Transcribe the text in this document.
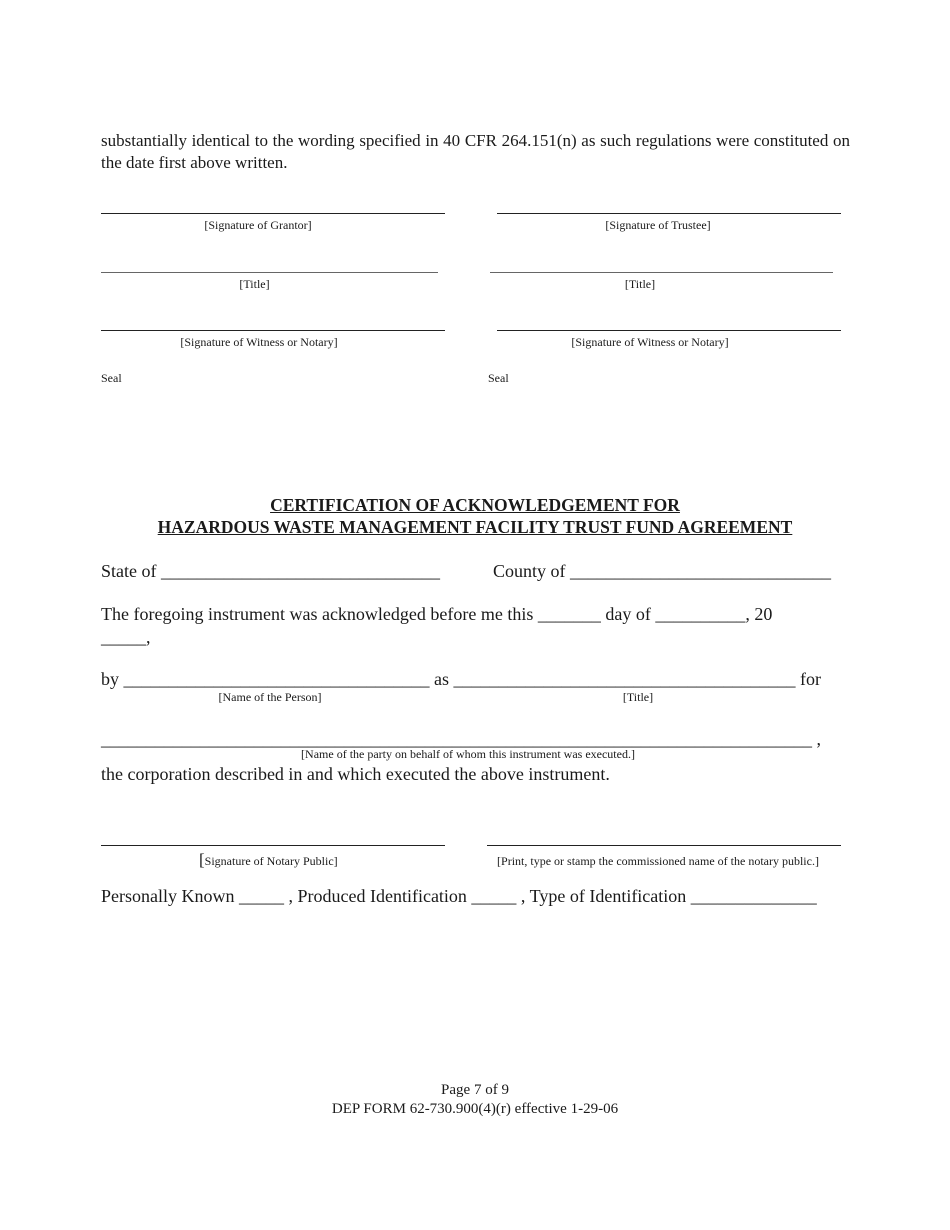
substantially identical to the wording specified in 40 CFR 264.151(n) as such regulations were constituted on the date first above written.
[Signature of Grantor]	[Signature of Trustee]
[Title]	[Title]
[Signature of Witness or Notary]	[Signature of Witness or Notary]
Seal	Seal
CERTIFICATION OF ACKNOWLEDGEMENT FOR
HAZARDOUS WASTE MANAGEMENT FACILITY TRUST FUND AGREEMENT
State of _______________________________	County of _____________________________
The foregoing instrument was acknowledged before me this _______ day of __________, 20
_____,
by __________________________________ as ______________________________________ for
[Name of the Person]	[Title]
_______________________________________________________________________________ ,
[Name of the party on behalf of whom this instrument was executed.]
the corporation described in and which executed the above instrument.
[Signature of Notary Public]	[Print, type or stamp the commissioned name of the notary public.]
Personally Known _____ , Produced Identification _____ , Type of Identification ______________
Page 7 of 9
DEP FORM 62-730.900(4)(r) effective 1-29-06
